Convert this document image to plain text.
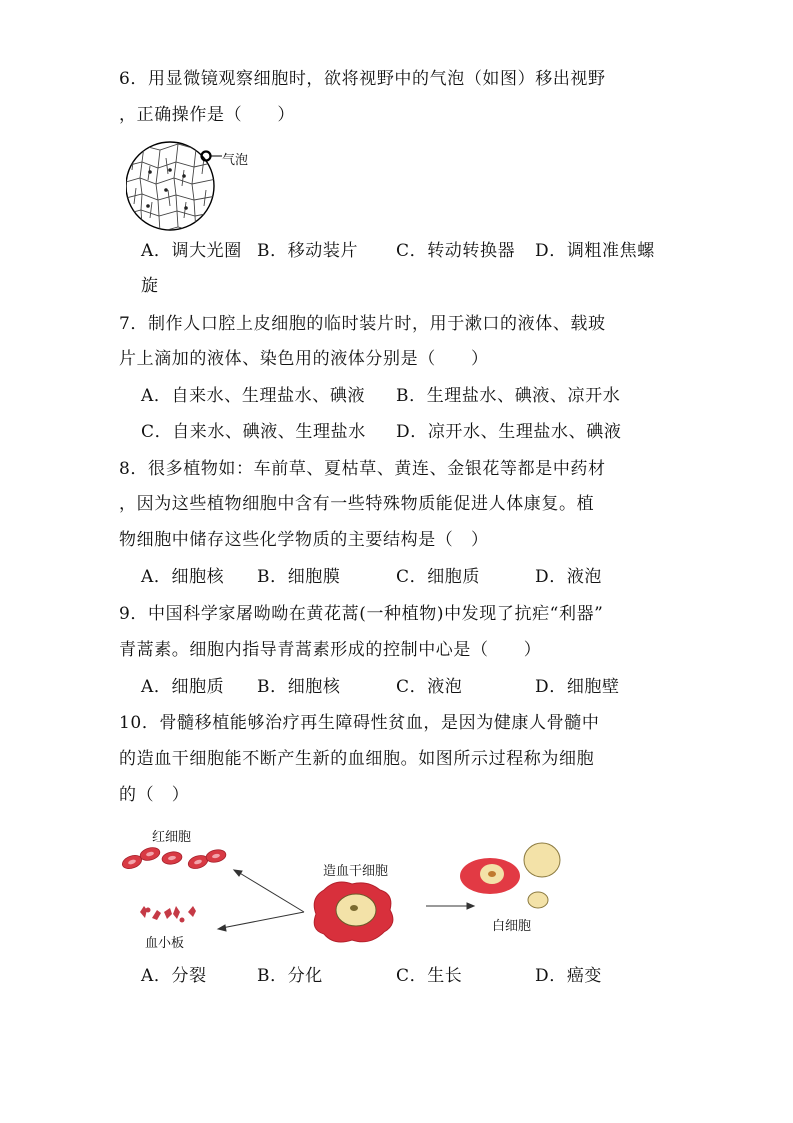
6．用显微镜观察细胞时，欲将视野中的气泡（如图）移出视野
，正确操作是（　　）
气泡
A．调大光圈 B．移动装片 C．转动转换器 D．调粗准焦螺
旋
7．制作人口腔上皮细胞的临时装片时，用于漱口的液体、载玻
片上滴加的液体、染色用的液体分别是（　　）
A．自来水、生理盐水、碘液 B．生理盐水、碘液、凉开水
C．自来水、碘液、生理盐水 D．凉开水、生理盐水、碘液
8．很多植物如：车前草、夏枯草、黄连、金银花等都是中药材
，因为这些植物细胞中含有一些特殊物质能促进人体康复。植
物细胞中储存这些化学物质的主要结构是（　）
A．细胞核 B．细胞膜	C．细胞质	D．液泡
9．中国科学家屠呦呦在黄花蒿(一种植物)中发现了抗疟“利器”
青蒿素。细胞内指导青蒿素形成的控制中心是（　　）
A．细胞质 B．细胞核	C．液泡	D．细胞壁
10．骨髓移植能够治疗再生障碍性贫血，是因为健康人骨髓中
的造血干细胞能不断产生新的血细胞。如图所示过程称为细胞
的（　）
红细胞
血小板
造血干细胞
白细胞
A．分裂	B．分化	C．生长	D．癌变
